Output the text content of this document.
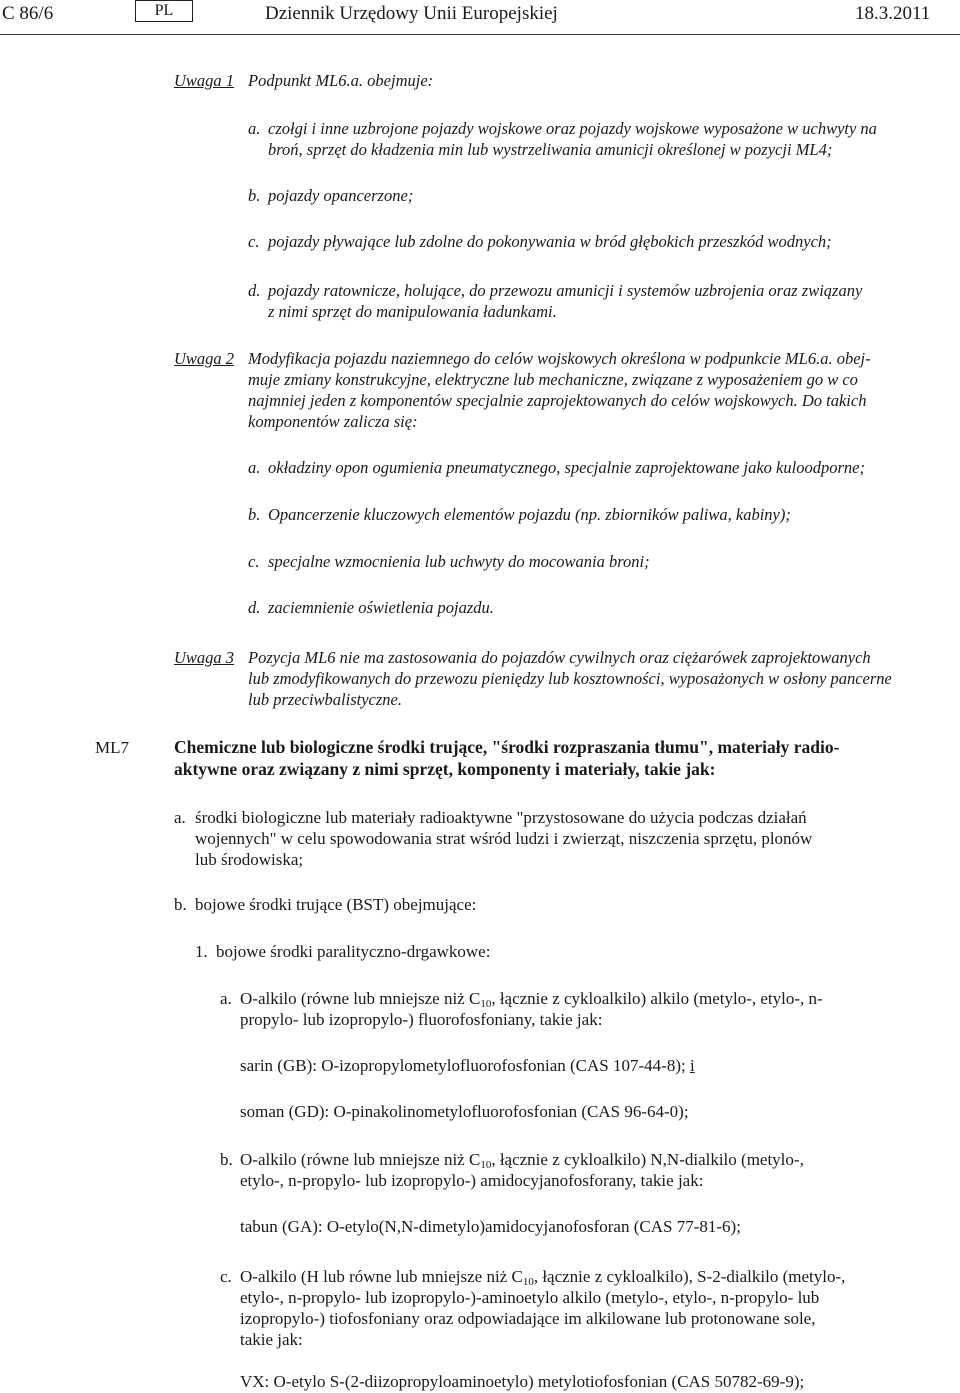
C 86/6	PL	Dziennik Urzędowy Unii Europejskiej	18.3.2011
Uwaga 1 Podpunkt ML6.a. obejmuje:
a. czołgi i inne uzbrojone pojazdy wojskowe oraz pojazdy wojskowe wyposażone w uchwyty na
broń, sprzęt do kładzenia min lub wystrzeliwania amunicji określonej w pozycji ML4;
b. pojazdy opancerzone;
c. pojazdy pływające lub zdolne do pokonywania w bród głębokich przeszkód wodnych;
d. pojazdy ratownicze, holujące, do przewozu amunicji i systemów uzbrojenia oraz związany
z nimi sprzęt do manipulowania ładunkami.
Uwaga 2 Modyfikacja pojazdu naziemnego do celów wojskowych określona w podpunkcie ML6.a. obej-
muje zmiany konstrukcyjne, elektryczne lub mechaniczne, związane z wyposażeniem go w co
najmniej jeden z komponentów specjalnie zaprojektowanych do celów wojskowych. Do takich
komponentów zalicza się:
a. okładziny opon ogumienia pneumatycznego, specjalnie zaprojektowane jako kuloodporne;
b. Opancerzenie kluczowych elementów pojazdu (np. zbiorników paliwa, kabiny);
c. specjalne wzmocnienia lub uchwyty do mocowania broni;
d. zaciemnienie oświetlenia pojazdu.
Uwaga 3 Pozycja ML6 nie ma zastosowania do pojazdów cywilnych oraz ciężarówek zaprojektowanych
lub zmodyfikowanych do przewozu pieniędzy lub kosztowności, wyposażonych w osłony pancerne
lub przeciwbalistyczne.
ML7	Chemiczne lub biologiczne środki trujące, "środki rozpraszania tłumu", materiały radio-
aktywne oraz związany z nimi sprzęt, komponenty i materiały, takie jak:
a. środki biologiczne lub materiały radioaktywne "przystosowane do użycia podczas działań
wojennych" w celu spowodowania strat wśród ludzi i zwierząt, niszczenia sprzętu, plonów
lub środowiska;
b. bojowe środki trujące (BST) obejmujące:
1. bojowe środki paralityczno-drgawkowe:
a. O-alkilo (równe lub mniejsze niż $C_{10}$, łącznie z cykloalkilo) alkilo (metylo-, etylo-, n-
propylo- lub izopropylo-) fluorofosfoniany, takie jak:
sarin (GB): O-izopropylometylofluorofosfonian (CAS 107-44-8); i
soman (GD): O-pinakolinometylofluorofosfonian (CAS 96-64-0);
b. O-alkilo (równe lub mniejsze niż $C_{10}$, łącznie z cykloalkilo) N,N-dialkilo (metylo-,
etylo-, n-propylo- lub izopropylo-) amidocyjanofosforany, takie jak:
tabun (GA): O-etylo(N,N-dimetylo)amidocyjanofosforan (CAS 77-81-6);
c. O-alkilo (H lub równe lub mniejsze niż $C_{10}$, łącznie z cykloalkilo), S-2-dialkilo (metylo-,
etylo-, n-propylo- lub izopropylo-)-aminoetylo alkilo (metylo-, etylo-, n-propylo- lub
izopropylo-) tiofosfoniany oraz odpowiadające im alkilowane lub protonowane sole,
takie jak:
VX: O-etylo S-(2-diizopropyloaminoetylo) metylotiofosfonian (CAS 50782-69-9);
